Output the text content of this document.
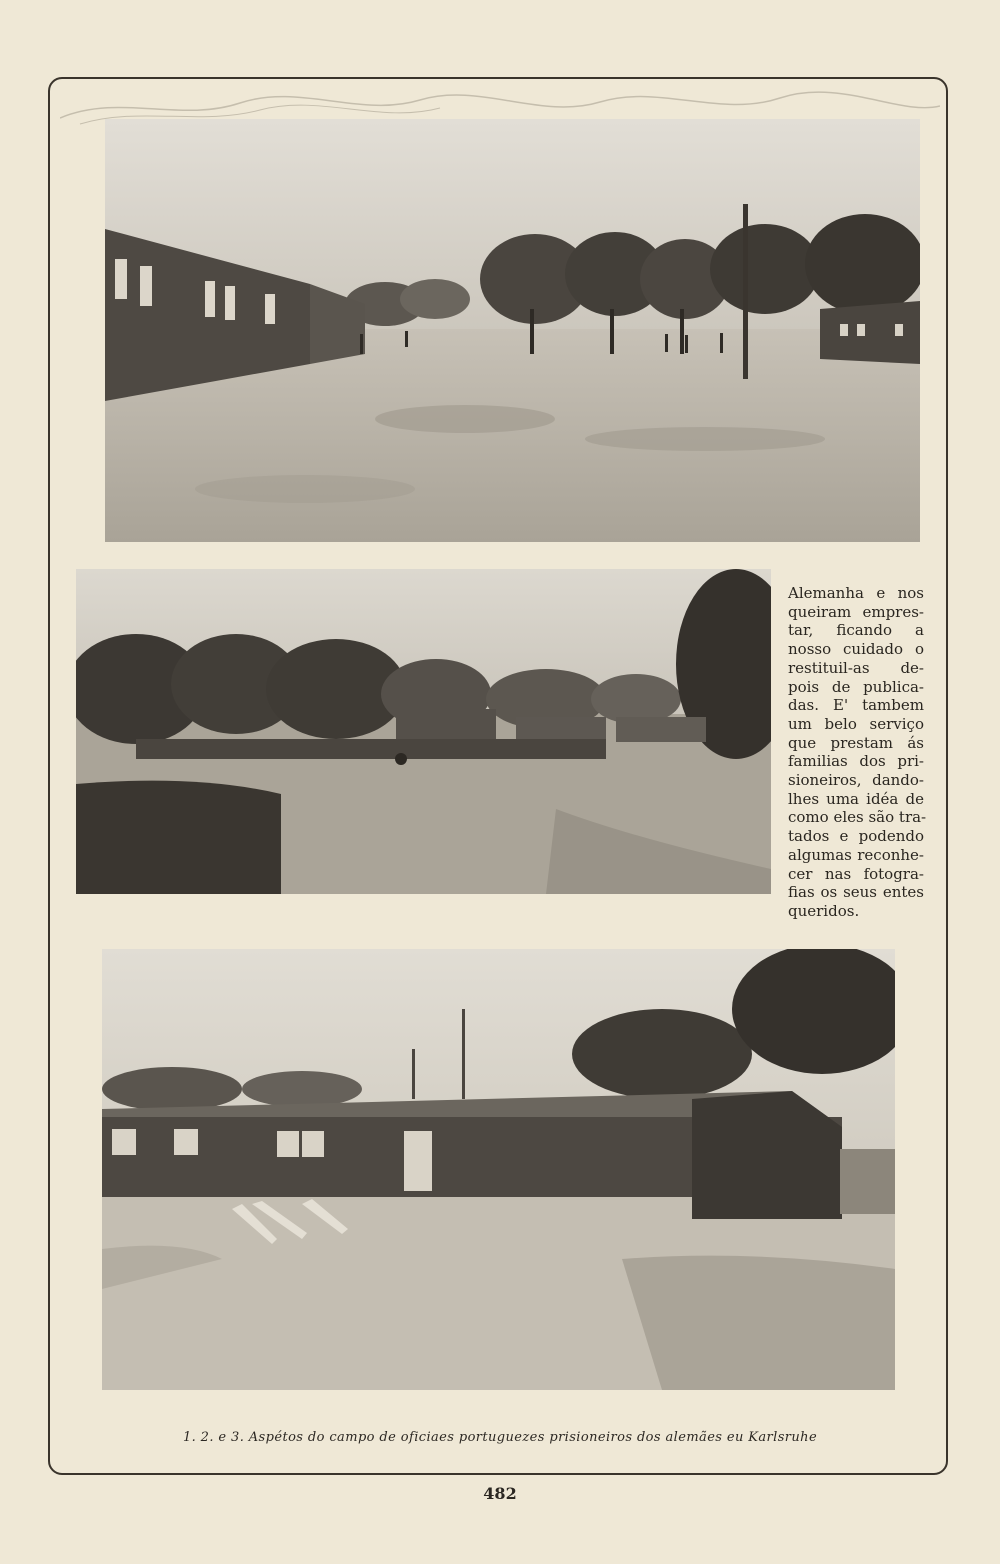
Alemanha e nos
queiram empres-
tar, ficando a
nosso cuidado o
restituil-as de-
pois de publica-
das. E' tambem
um belo serviço
que prestam ás
familias dos pri-
sioneiros, dando-
lhes uma idéa de
como eles são tra-
tados e podendo
algumas reconhe-
cer nas fotogra-
fias os seus entes
queridos.
1. 2. e 3. Aspétos do campo de oficiaes portuguezes prisioneiros dos alemães eu Karlsruhe
482
